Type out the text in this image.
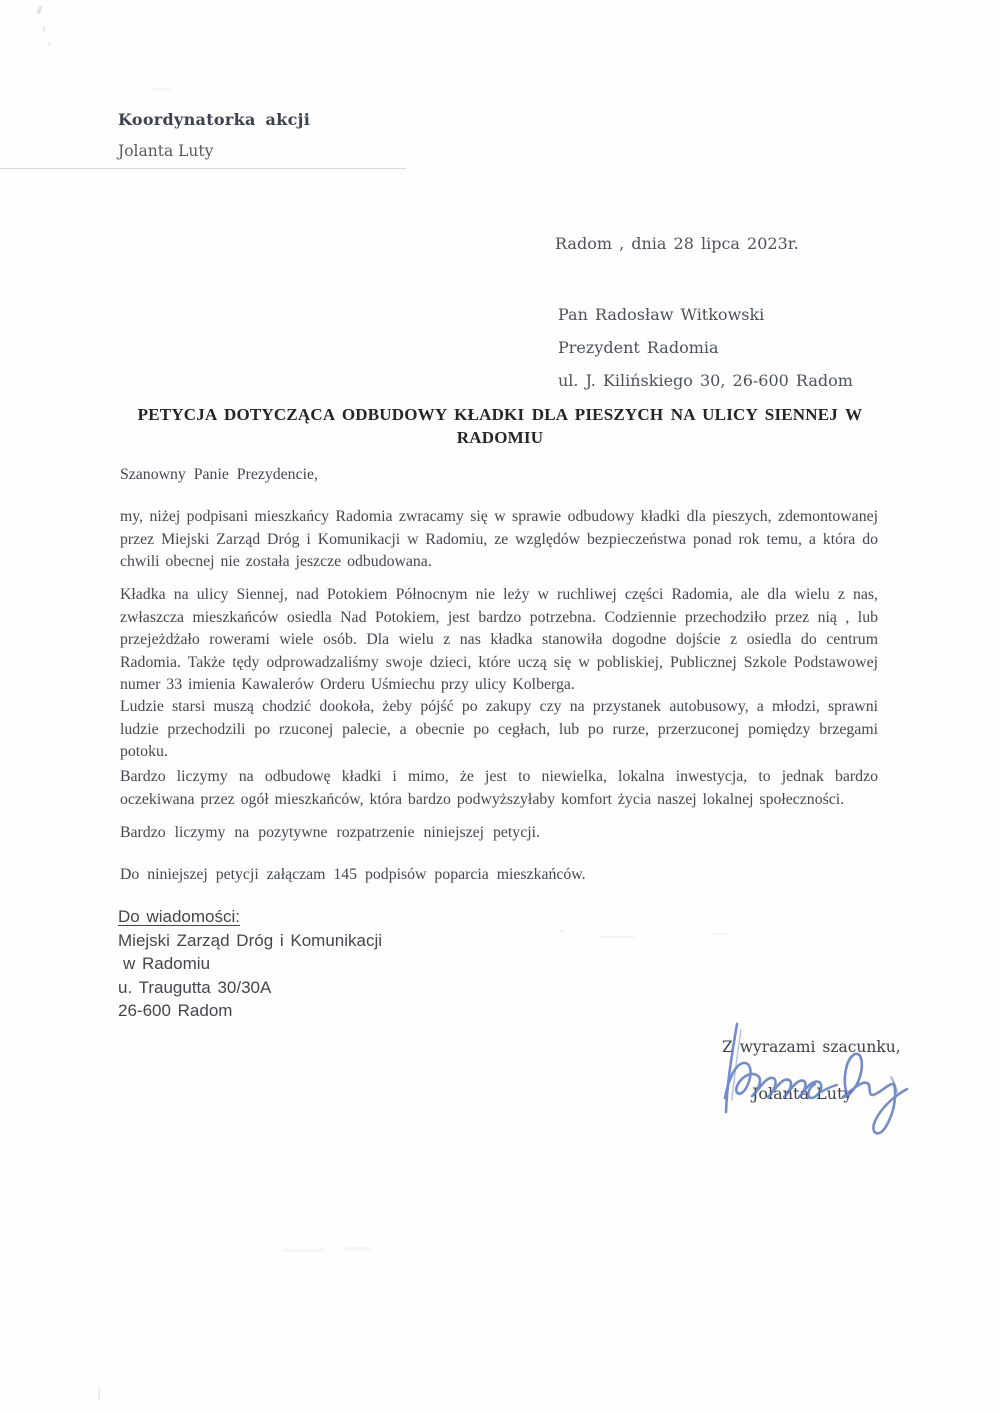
Koordynatorka akcji
Jolanta Luty
Radom , dnia 28 lipca 2023r.
Pan Radosław Witkowski
Prezydent Radomia
ul. J. Kilińskiego 30, 26-600 Radom
PETYCJA DOTYCZĄCA ODBUDOWY KŁADKI DLA PIESZYCH NA ULICY SIENNEJ W RADOMIU
Szanowny Panie Prezydencie,

my, niżej podpisani mieszkańcy Radomia zwracamy się w sprawie odbudowy kładki dla pieszych, zdemontowanej przez Miejski Zarząd Dróg i Komunikacji w Radomiu, ze względów bezpieczeństwa ponad rok temu, a która do chwili obecnej nie została jeszcze odbudowana.

Kładka na ulicy Siennej, nad Potokiem Północnym nie leży w ruchliwej części Radomia, ale dla wielu z nas, zwłaszcza mieszkańców osiedla Nad Potokiem, jest bardzo potrzebna. Codziennie przechodziło przez nią , lub przejeżdżało rowerami wiele osób. Dla wielu z nas kładka stanowiła dogodne dojście z osiedla do centrum Radomia. Także tędy odprowadzaliśmy swoje dzieci, które uczą się w pobliskiej, Publicznej Szkole Podstawowej numer 33 imienia Kawalerów Orderu Uśmiechu przy ulicy Kolberga.

Ludzie starsi muszą chodzić dookoła, żeby pójść po zakupy czy na przystanek autobusowy, a młodzi, sprawni ludzie przechodzili po rzuconej palecie, a obecnie po cegłach, lub po rurze, przerzuconej pomiędzy brzegami potoku.

Bardzo liczymy na odbudowę kładki i mimo, że jest to niewielka, lokalna inwestycja, to jednak bardzo oczekiwana przez ogół mieszkańców, która bardzo podwyższyłaby komfort życia naszej lokalnej społeczności.

Bardzo liczymy na pozytywne rozpatrzenie niniejszej petycji.

Do niniejszej petycji załączam 145 podpisów poparcia mieszkańców.

Do wiadomości:
Miejski Zarząd Dróg i Komunikacji
w Radomiu
u. Traugutta 30/30A
26-600 Radom
Z wyrazami szacunku,
Jolanta Luty
